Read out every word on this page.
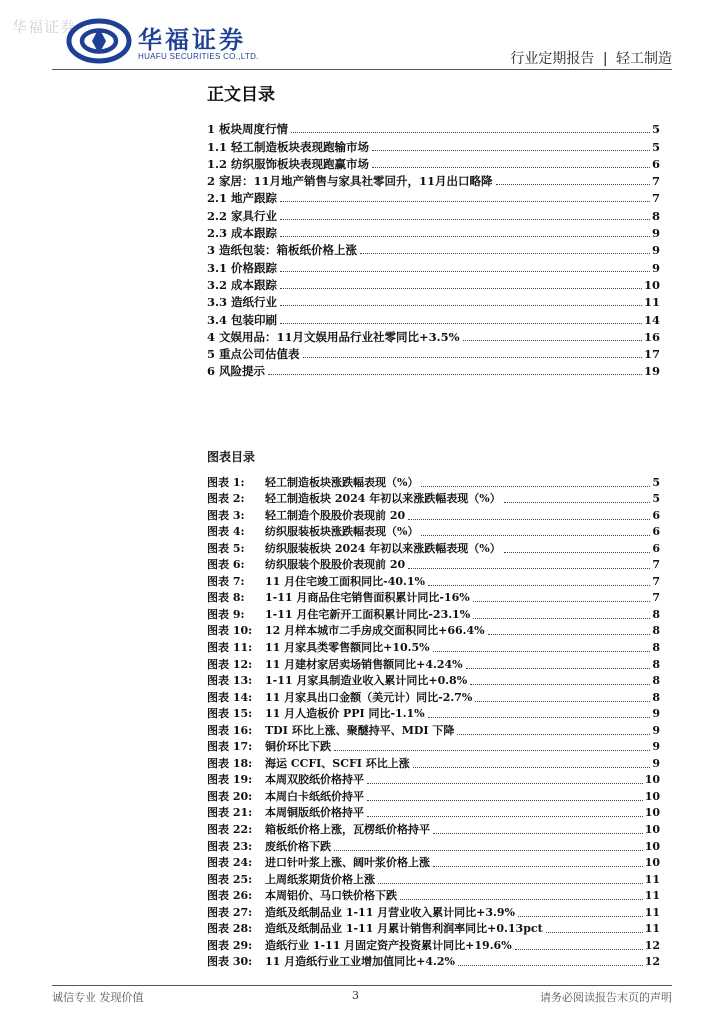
华福证券	华福证券
HUAFU SECURITIES CO.,LTD.	行业定期报告 | 轻工制造
正文目录
1 板块周度行情	5
1.1 轻工制造板块表现跑输市场	5
1.2 纺织服饰板块表现跑赢市场	6
2 家居：11月地产销售与家具社零回升，11月出口略降	7
2.1 地产跟踪	7
2.2 家具行业	8
2.3 成本跟踪	9
3 造纸包装：箱板纸价格上涨	9
3.1 价格跟踪	9
3.2 成本跟踪	10
3.3 造纸行业	11
3.4 包装印刷	14
4 文娱用品：11月文娱用品行业社零同比+3.5%	16
5 重点公司估值表	17
6 风险提示	19
图表目录
图表 1:	轻工制造板块涨跌幅表现（%）	5
图表 2:	轻工制造板块 2024 年初以来涨跌幅表现（%）	5
图表 3:	轻工制造个股股价表现前 20	6
图表 4:	纺织服装板块涨跌幅表现（%）	6
图表 5:	纺织服装板块 2024 年初以来涨跌幅表现（%）	6
图表 6:	纺织服装个股股价表现前 20	7
图表 7:	11 月住宅竣工面积同比-40.1%	7
图表 8:	1-11 月商品住宅销售面积累计同比-16%	7
图表 9:	1-11 月住宅新开工面积累计同比-23.1%	8
图表 10:	12 月样本城市二手房成交面积同比+66.4%	8
图表 11:	11 月家具类零售额同比+10.5%	8
图表 12:	11 月建材家居卖场销售额同比+4.24%	8
图表 13:	1-11 月家具制造业收入累计同比+0.8%	8
图表 14:	11 月家具出口金额（美元计）同比-2.7%	8
图表 15:	11 月人造板价 PPI 同比-1.1%	9
图表 16:	TDI 环比上涨、聚醚持平、MDI 下降	9
图表 17:	铜价环比下跌	9
图表 18:	海运 CCFI、SCFI 环比上涨	9
图表 19:	本周双胶纸价格持平	10
图表 20:	本周白卡纸纸价持平	10
图表 21:	本周铜版纸价格持平	10
图表 22:	箱板纸价格上涨，瓦楞纸价格持平	10
图表 23:	废纸价格下跌	10
图表 24:	进口针叶浆上涨、阔叶浆价格上涨	10
图表 25:	上周纸浆期货价格上涨	11
图表 26:	本周铝价、马口铁价格下跌	11
图表 27:	造纸及纸制品业 1-11 月营业收入累计同比+3.9%	11
图表 28:	造纸及纸制品业 1-11 月累计销售利润率同比+0.13pct	11
图表 29:	造纸行业 1-11 月固定资产投资累计同比+19.6%	12
图表 30:	11 月造纸行业工业增加值同比+4.2%	12
诚信专业 发现价值	3	请务必阅读报告末页的声明
